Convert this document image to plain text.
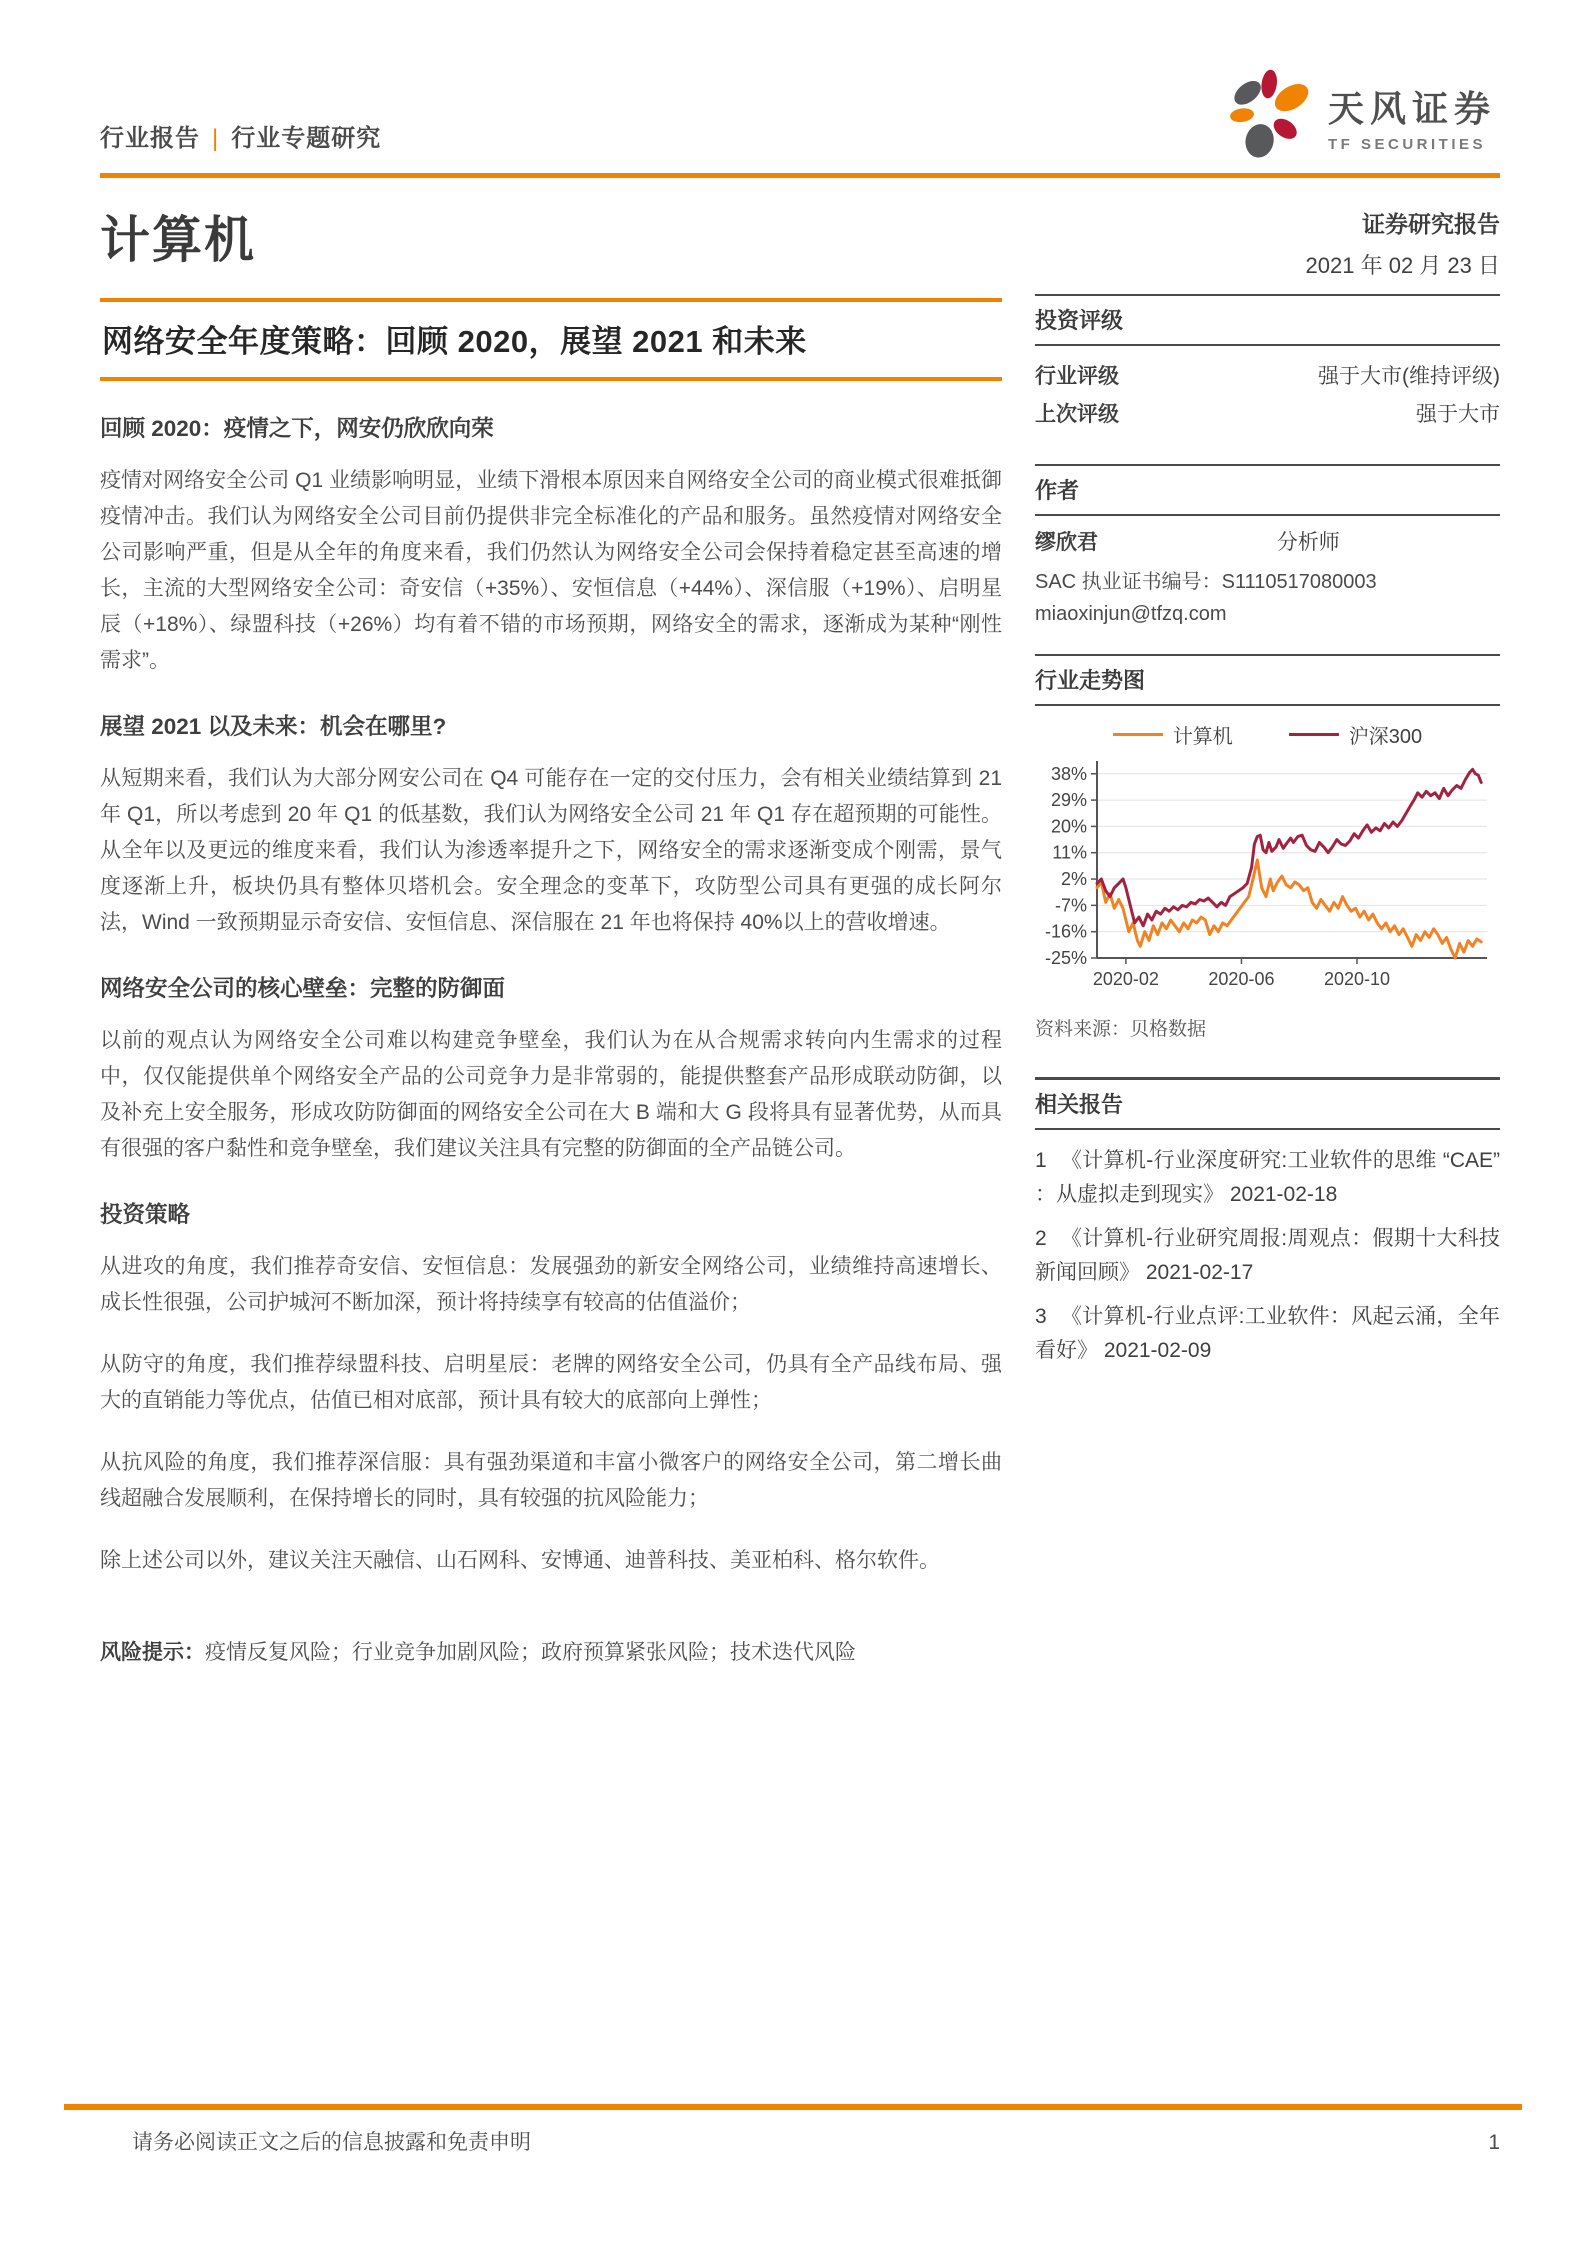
行业报告 | 行业专题研究
天风证券
TF SECURITIES
计算机
网络安全年度策略：回顾 2020，展望 2021 和未来
回顾 2020：疫情之下，网安仍欣欣向荣

疫情对网络安全公司 Q1 业绩影响明显，业绩下滑根本原因来自网络安全公司的商业模式很难抵御疫情冲击。我们认为网络安全公司目前仍提供非完全标准化的产品和服务。虽然疫情对网络安全公司影响严重，但是从全年的角度来看，我们仍然认为网络安全公司会保持着稳定甚至高速的增长，主流的大型网络安全公司：奇安信（+35%）、安恒信息（+44%）、深信服（+19%）、启明星辰（+18%）、绿盟科技（+26%）均有着不错的市场预期，网络安全的需求，逐渐成为某种“刚性需求”。

展望 2021 以及未来：机会在哪里?

从短期来看，我们认为大部分网安公司在 Q4 可能存在一定的交付压力，会有相关业绩结算到 21 年 Q1，所以考虑到 20 年 Q1 的低基数，我们认为网络安全公司 21 年 Q1 存在超预期的可能性。从全年以及更远的维度来看，我们认为渗透率提升之下，网络安全的需求逐渐变成个刚需，景气度逐渐上升，板块仍具有整体贝塔机会。安全理念的变革下，攻防型公司具有更强的成长阿尔法，Wind 一致预期显示奇安信、安恒信息、深信服在 21 年也将保持 40%以上的营收增速。

网络安全公司的核心壁垒：完整的防御面

以前的观点认为网络安全公司难以构建竞争壁垒，我们认为在从合规需求转向内生需求的过程中，仅仅能提供单个网络安全产品的公司竞争力是非常弱的，能提供整套产品形成联动防御，以及补充上安全服务，形成攻防防御面的网络安全公司在大 B 端和大 G 段将具有显著优势，从而具有很强的客户黏性和竞争壁垒，我们建议关注具有完整的防御面的全产品链公司。

投资策略

从进攻的角度，我们推荐奇安信、安恒信息：发展强劲的新安全网络公司，业绩维持高速增长、成长性很强，公司护城河不断加深，预计将持续享有较高的估值溢价；

从防守的角度，我们推荐绿盟科技、启明星辰：老牌的网络安全公司，仍具有全产品线布局、强大的直销能力等优点，估值已相对底部，预计具有较大的底部向上弹性；

从抗风险的角度，我们推荐深信服：具有强劲渠道和丰富小微客户的网络安全公司，第二增长曲线超融合发展顺利，在保持增长的同时，具有较强的抗风险能力；

除上述公司以外，建议关注天融信、山石网科、安博通、迪普科技、美亚柏科、格尔软件。

风险提示：疫情反复风险；行业竞争加剧风险；政府预算紧张风险；技术迭代风险

证券研究报告
2021 年 02 月 23 日
投资评级
行业评级	强于大市(维持评级)
上次评级	强于大市
作者
缪欣君	分析师
SAC 执业证书编号：S1110517080003
miaoxinjun@tfzq.com
行业走势图
计算机	沪深300
38%
29%
20%
11%
2%
-7%
-16%
-25%
2020-02	2020-06	2020-10
资料来源：贝格数据
相关报告
1 《计算机-行业深度研究:工业软件的思维 “CAE” ：从虚拟走到现实》 2021-02-18
2 《计算机-行业研究周报:周观点：假期十大科技新闻回顾》 2021-02-17
3 《计算机-行业点评:工业软件：风起云涌，全年看好》 2021-02-09
请务必阅读正文之后的信息披露和免责申明	1
